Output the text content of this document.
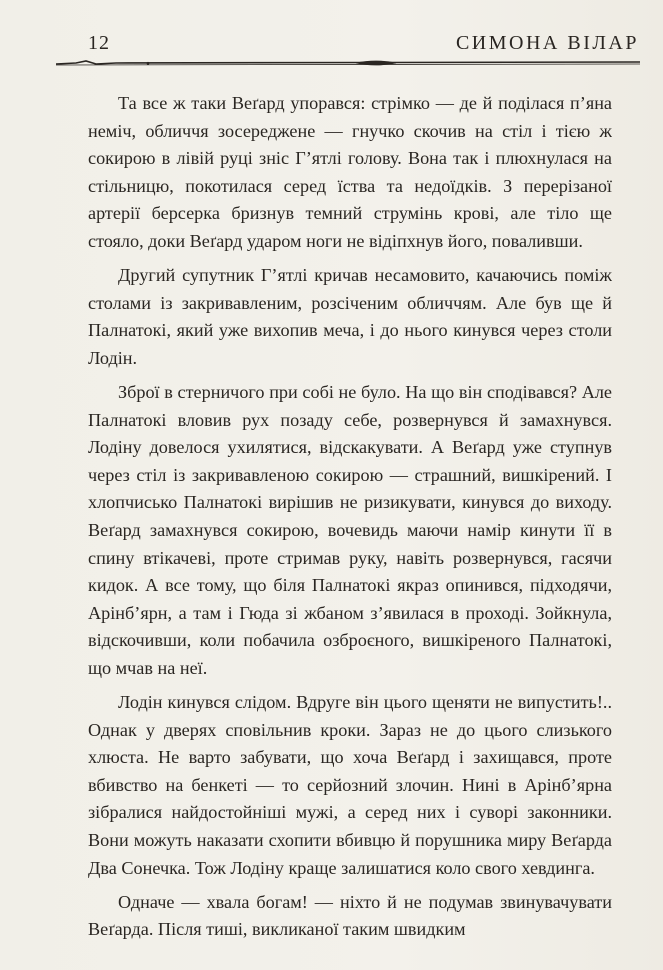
12	СИМОНА ВІЛАР

Та все ж таки Веґард упорався: стрімко — де й поділася п’яна неміч, обличчя зосереджене — гнучко скочив на стіл і тією ж сокирою в лівій руці зніс Гʼятлі голову. Вона так і плюхнулася на стільницю, покотилася серед їства та недоїдків. З перерізаної артерії берсерка бризнув темний струмінь крові, але тіло ще стояло, доки Веґард ударом ноги не відіпхнув його, поваливши.

Другий супутник Гʼятлі кричав несамовито, качаючись поміж столами із закривавленим, розсіченим обличчям. Але був ще й Палнатокі, який уже вихопив меча, і до нього кинувся через столи Лодін.

Зброї в стерничого при собі не було. На що він сподівався? Але Палнатокі вловив рух позаду себе, розвернувся й замахнувся. Лодіну довелося ухилятися, відскакувати. А Веґард уже ступнув через стіл із закривавленою сокирою — страшний, вишкірений. І хлопчисько Палнатокі вирішив не ризикувати, кинувся до виходу. Веґард замахнувся сокирою, вочевидь маючи намір кинути її в спину втікачеві, проте стримав руку, навіть розвернувся, гасячи кидок. А все тому, що біля Палнатокі якраз опинився, підходячи, Арінбʼярн, а там і Гюда зі жбаном зʼявилася в проході. Зойкнула, відскочивши, коли побачила озброєного, вишкіреного Палнатокі, що мчав на неї.

Лодін кинувся слідом. Вдруге він цього щеняти не випустить!.. Однак у дверях сповільнив кроки. Зараз не до цього слизького хлюста. Не варто забувати, що хоча Веґард і захищався, проте вбивство на бенкеті — то серйозний злочин. Нині в Арінбʼярна зібралися найдостойніші мужі, а серед них і суворі законники. Вони можуть наказати схопити вбивцю й порушника миру Веґарда Два Сонечка. Тож Лодіну краще залишатися коло свого хевдинга.

Одначе — хвала богам! — ніхто й не подумав звинувачувати Веґарда. Після тиші, викликаної таким швидким
